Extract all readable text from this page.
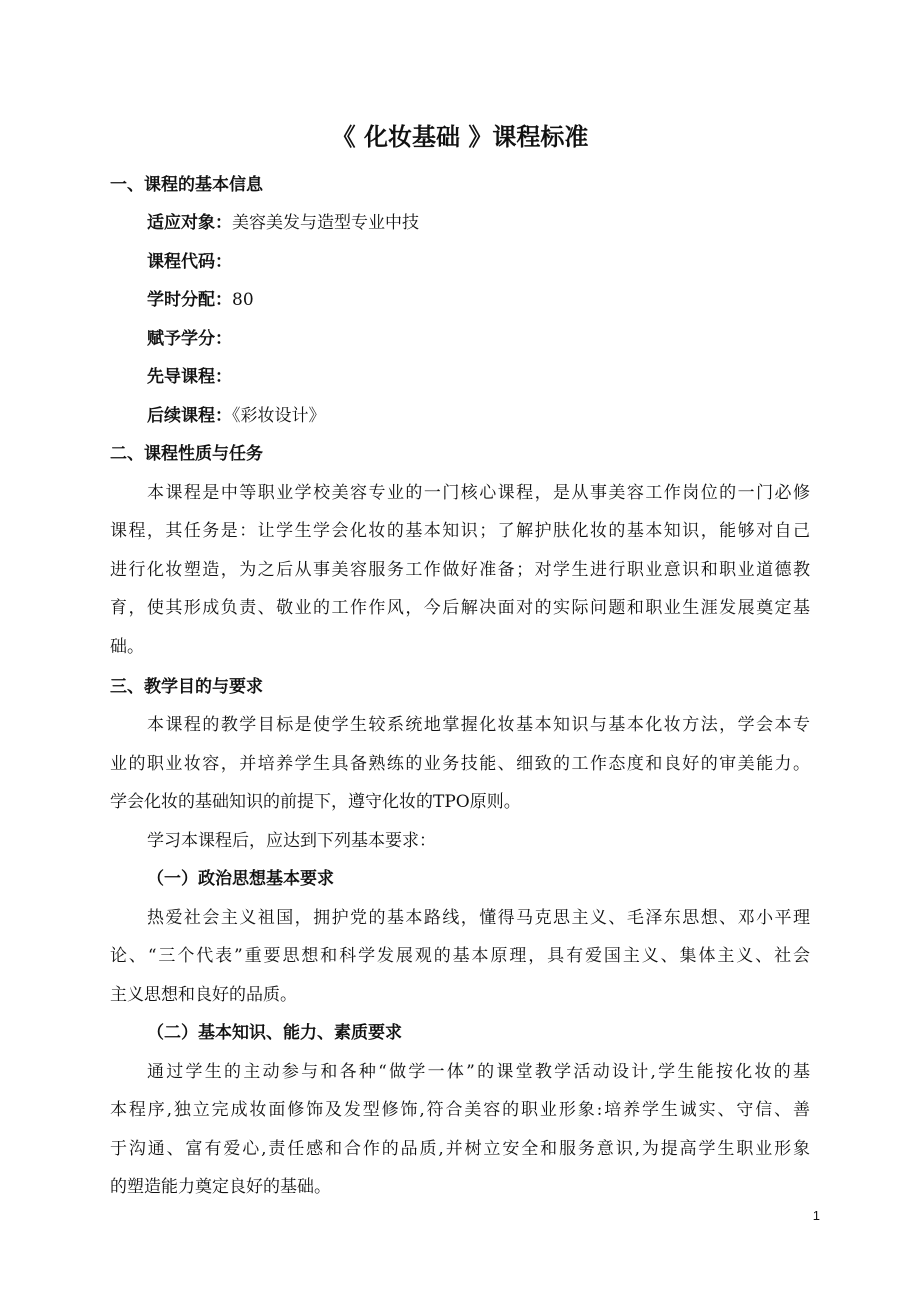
《 化妆基础 》课程标准
一、课程的基本信息
适应对象：美容美发与造型专业中技
课程代码：
学时分配：80
赋予学分：
先导课程：
后续课程：《彩妆设计》
二、课程性质与任务
本课程是中等职业学校美容专业的一门核心课程，是从事美容工作岗位的一门必修
课程，其任务是：让学生学会化妆的基本知识；了解护肤化妆的基本知识，能够对自己
进行化妆塑造，为之后从事美容服务工作做好准备；对学生进行职业意识和职业道德教
育，使其形成负责、敬业的工作作风，今后解决面对的实际问题和职业生涯发展奠定基
础。
三、教学目的与要求
本课程的教学目标是使学生较系统地掌握化妆基本知识与基本化妆方法，学会本专
业的职业妆容，并培养学生具备熟练的业务技能、细致的工作态度和良好的审美能力。
学会化妆的基础知识的前提下，遵守化妆的TPO原则。
学习本课程后，应达到下列基本要求：
（一）政治思想基本要求
热爱社会主义祖国，拥护党的基本路线，懂得马克思主义、毛泽东思想、邓小平理
论、“三个代表”重要思想和科学发展观的基本原理，具有爱国主义、集体主义、社会
主义思想和良好的品质。
（二）基本知识、能力、素质要求
通过学生的主动参与和各种“做学一体”的课堂教学活动设计,学生能按化妆的基
本程序,独立完成妆面修饰及发型修饰,符合美容的职业形象:培养学生诚实、守信、善
于沟通、富有爱心,责任感和合作的品质,并树立安全和服务意识,为提高学生职业形象
的塑造能力奠定良好的基础。
1
